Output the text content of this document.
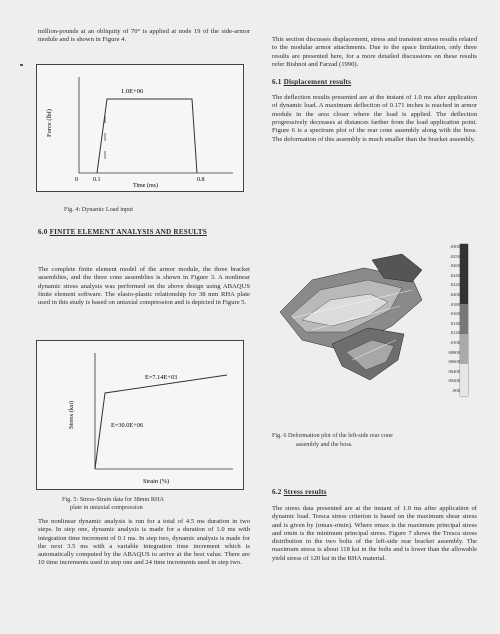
million-pounds at an obliquity of 70° is applied at node 19 of the side-armor module and is shown in Figure 4.

1.0E+06
Force (lbf)
0	0.1	0.8
Time (ms)
Fig. 4: Dynamic Load input
6.0 FINITE ELEMENT ANALYSIS AND RESULTS

The complete finite element model of the armor module, the three bracket assemblies, and the three cone assemblies is shown in Figure 3. A nonlinear dynamic stress analysis was performed on the above design using ABAQUS finite element software. The elasto-plastic relationship for 38 mm RHA plate used in this study is based on uniaxial compression and is depicted in Figure 5.

E=7.14E+03
E=30.0E+06
Stress (ksi)
Strain (%)
Fig. 5: Stress-Strain data for 38mm RHA
plate in uniaxial compression

The nonlinear dynamic analysis is run for a total of 4.5 ms duration in two steps. In step one, dynamic analysis is made for a duration of 1.0 ms with integration time increment of 0.1 ms. In step two, dynamic analysis is made for the next 3.5 ms with a variable integration time increment which is automatically computed by the ABAQUS to arrive at the best value. There are 10 time increments used in step one and 24 time increments used in step two.

This section discusses displacement, stress and transient stress results related to the modular armor attachments. Due to the space limitation, only three results are presented here, for a more detailed discussions on these results refer Bishnoi and Farzad (1990).

6.1 Displacement results

The deflection results presented are at the instant of 1.0 ms after application of dynamic load. A maximum deflection of 0.171 inches is reached in armor module in the area closer where the load is applied. The deflection progressively decreases at distances farther from the load application point. Figure 6 is a spectrum plot of the rear cone assembly along with the boss. The deformation of this assembly is much smaller than the bracket assembly.

.0300
.0250
.0260
.0240
.0220
.0200
.0180
.0160
.0140
.0120
.0100
.00800
.00600
.00400
.00200
.000
Fig. 6 Deformation plot of the left-side rear cone
assembly and the boss.
6.2 Stress results

The stress data presented are at the instant of 1.0 ms after application of dynamic load. Tresca stress criterion is based on the maximum shear stress and is given by (σmax-σmin). Where σmax is the maximum principal stress and σmin is the minimum principal stress. Figure 7 shows the Tresca stress distribution in the two bolts of the left-side rear bracket assembly. The maximum stress is about 118 ksi in the bolts and is lower than the allowable yield stress of 120 ksi in the RHA material.
